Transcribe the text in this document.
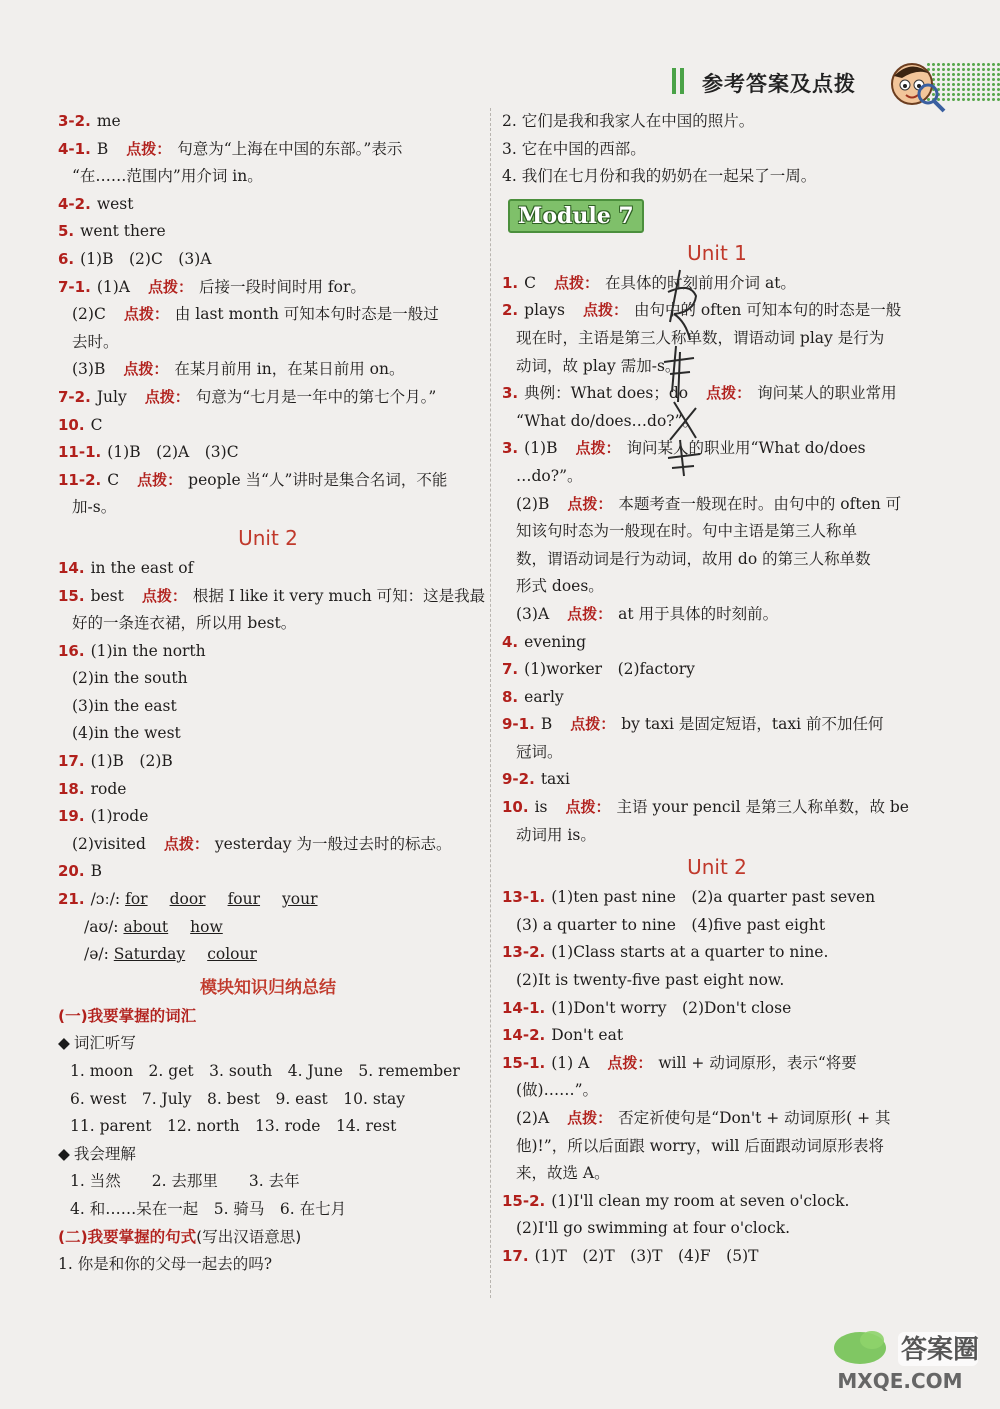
参考答案及点拨
3-2. me
4-1. B 点拨： 句意为“上海在中国的东部。”表示
“在……范围内”用介词 in。
4-2. west
5. went there
6. (1)B　(2)C　(3)A
7-1. (1)A 点拨： 后接一段时间时用 for。
(2)C 点拨： 由 last month 可知本句时态是一般过
去时。
(3)B 点拨： 在某月前用 in，在某日前用 on。
7-2. July 点拨： 句意为“七月是一年中的第七个月。”
10. C
11-1. (1)B　(2)A　(3)C
11-2. C 点拨： people 当“人”讲时是集合名词，不能
加-s。
Unit 2
14. in the east of
15. best 点拨： 根据 I like it very much 可知：这是我最
好的一条连衣裙，所以用 best。
16. (1)in the north
(2)in the south
(3)in the east
(4)in the west
17. (1)B　(2)B
18. rode
19. (1)rode
(2)visited 点拨： yesterday 为一般过去时的标志。
20. B
21. /ɔː/: for door four your
/aʊ/: about how
/ə/: Saturday colour
模块知识归纳总结
(一)我要掌握的词汇
◆ 词汇听写
1. moon　2. get　3. south　4. June　5. remember
6. west　7. July　8. best　9. east　10. stay
11. parent　12. north　13. rode　14. rest
◆ 我会理解
1. 当然　　2. 去那里　　3. 去年
4. 和……呆在一起　5. 骑马　6. 在七月
(二)我要掌握的句式(写出汉语意思)
1. 你是和你的父母一起去的吗?
2. 它们是我和我家人在中国的照片。
3. 它在中国的西部。
4. 我们在七月份和我的奶奶在一起呆了一周。
Module 7
Unit 1
1. C 点拨： 在具体的时刻前用介词 at。
2. plays 点拨： 由句中的 often 可知本句的时态是一般
现在时，主语是第三人称单数，谓语动词 play 是行为
动词，故 play 需加-s。
3. 典例：What does；do 点拨： 询问某人的职业常用
“What do/does…do?”。
3. (1)B 点拨： 询问某人的职业用“What do/does
…do?”。
(2)B 点拨： 本题考查一般现在时。由句中的 often 可
知该句时态为一般现在时。句中主语是第三人称单
数，谓语动词是行为动词，故用 do 的第三人称单数
形式 does。
(3)A 点拨： at 用于具体的时刻前。
4. evening
7. (1)worker　(2)factory
8. early
9-1. B 点拨： by taxi 是固定短语，taxi 前不加任何
冠词。
9-2. taxi
10. is 点拨： 主语 your pencil 是第三人称单数，故 be
动词用 is。
Unit 2
13-1. (1)ten past nine　(2)a quarter past seven
(3) a quarter to nine　(4)five past eight
13-2. (1)Class starts at a quarter to nine.
(2)It is twenty-five past eight now.
14-1. (1)Don't worry　(2)Don't close
14-2. Don't eat
15-1. (1) A 点拨： will + 动词原形，表示“将要
(做)……”。
(2)A 点拨： 否定祈使句是“Don't + 动词原形( + 其
他)!”，所以后面跟 worry，will 后面跟动词原形表将
来，故选 A。
15-2. (1)I'll clean my room at seven o'clock.
(2)I'll go swimming at four o'clock.
17. (1)T　(2)T　(3)T　(4)F　(5)T
答案圈
MXQE.COM
